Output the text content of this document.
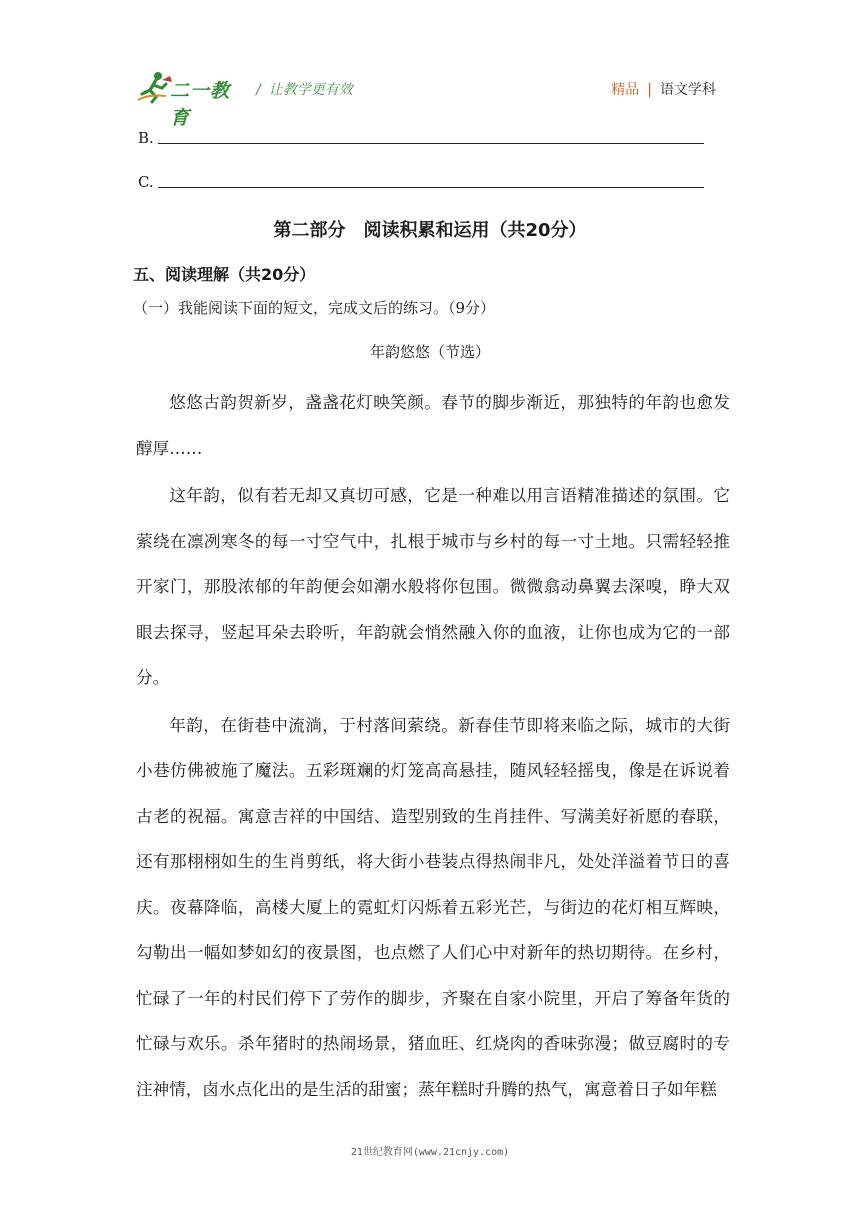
二一教育
/ 让教学更有效	精品 | 语文学科
B.
C.
第二部分　阅读积累和运用（共20分）
五、阅读理解（共20分）
（一）我能阅读下面的短文，完成文后的练习。（9分）
年韵悠悠（节选）

悠悠古韵贺新岁，盏盏花灯映笑颜。春节的脚步渐近，那独特的年韵也愈发醇厚……

这年韵，似有若无却又真切可感，它是一种难以用言语精准描述的氛围。它萦绕在凛冽寒冬的每一寸空气中，扎根于城市与乡村的每一寸土地。只需轻轻推开家门，那股浓郁的年韵便会如潮水般将你包围。微微翕动鼻翼去深嗅，睁大双眼去探寻，竖起耳朵去聆听，年韵就会悄然融入你的血液，让你也成为它的一部分。

年韵，在街巷中流淌，于村落间萦绕。新春佳节即将来临之际，城市的大街小巷仿佛被施了魔法。五彩斑斓的灯笼高高悬挂，随风轻轻摇曳，像是在诉说着古老的祝福。寓意吉祥的中国结、造型别致的生肖挂件、写满美好祈愿的春联，还有那栩栩如生的生肖剪纸，将大街小巷装点得热闹非凡，处处洋溢着节日的喜庆。夜幕降临，高楼大厦上的霓虹灯闪烁着五彩光芒，与街边的花灯相互辉映，勾勒出一幅如梦如幻的夜景图，也点燃了人们心中对新年的热切期待。在乡村，忙碌了一年的村民们停下了劳作的脚步，齐聚在自家小院里，开启了筹备年货的忙碌与欢乐。杀年猪时的热闹场景，猪血旺、红烧肉的香味弥漫；做豆腐时的专注神情，卤水点化出的是生活的甜蜜；蒸年糕时升腾的热气，寓意着日子如年糕

21世纪教育网(www.21cnjy.com)
